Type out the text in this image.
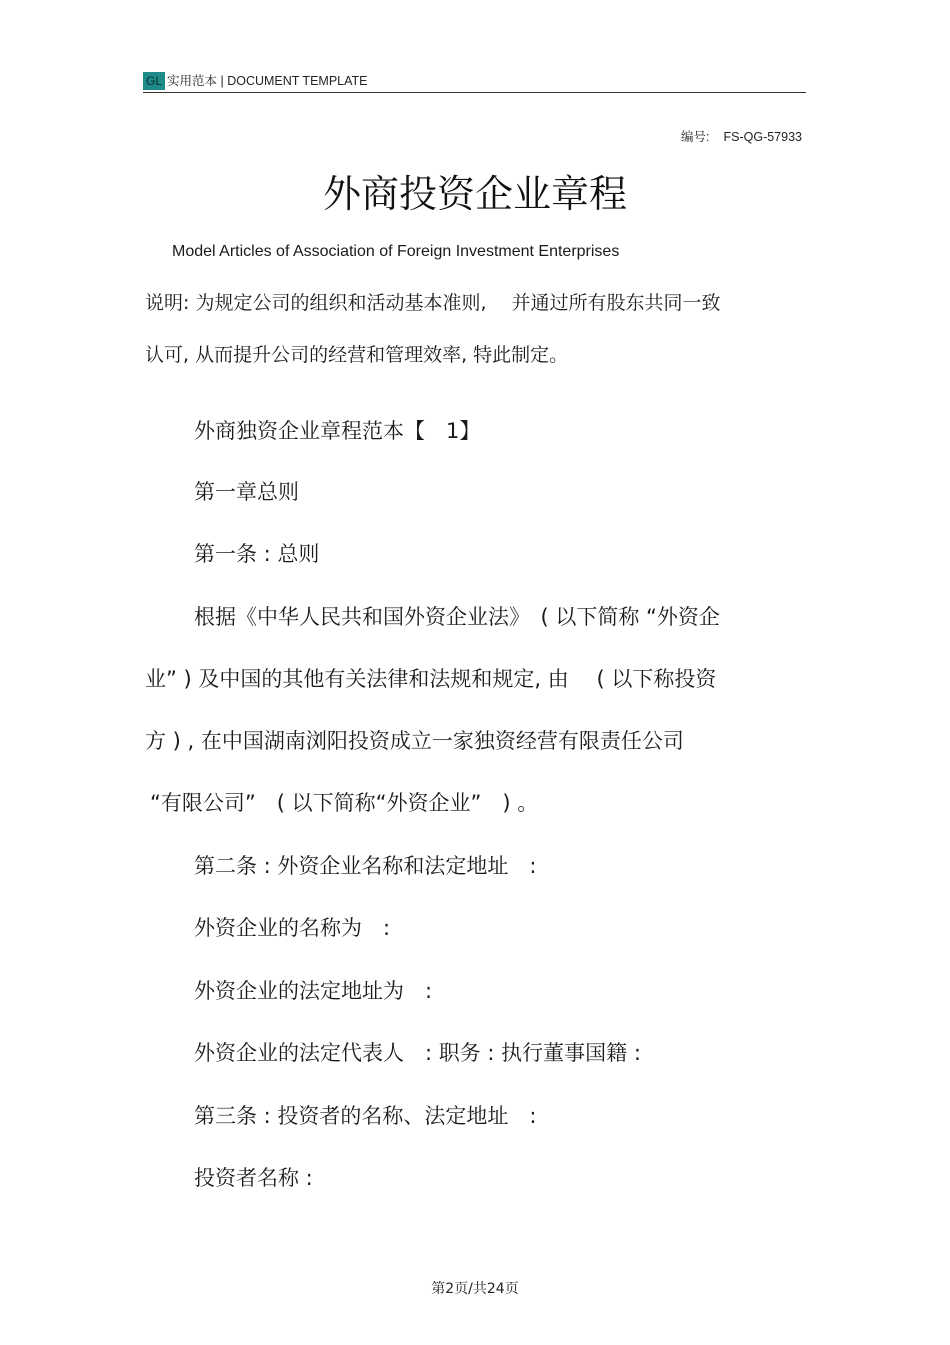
GL 实用范本 | DOCUMENT TEMPLATE
编号: FS-QG-57933
外商投资企业章程
Model Articles of Association of Foreign Investment Enterprises
说明: 为规定公司的组织和活动基本准则, 　并通过所有股东共同一致
认可, 从而提升公司的经营和管理效率, 特此制定。
外商独资企业章程范本【　1】
第一章总则
第一条 : 总则
根据《中华人民共和国外资企业法》　( 以下简称 “外资企
业” ) 及中国的其他有关法律和法规和规定, 由　 ( 以下称投资
方 ) , 在中国湖南浏阳投资成立一家独资经营有限责任公司
“有限公司”　( 以下简称“外资企业”　) 。
第二条 : 外资企业名称和法定地址　:
外资企业的名称为　:
外资企业的法定地址为　:
外资企业的法定代表人　: 职务 : 执行董事国籍 :
第三条 : 投资者的名称、法定地址　:
投资者名称 :
第2页/共24页
